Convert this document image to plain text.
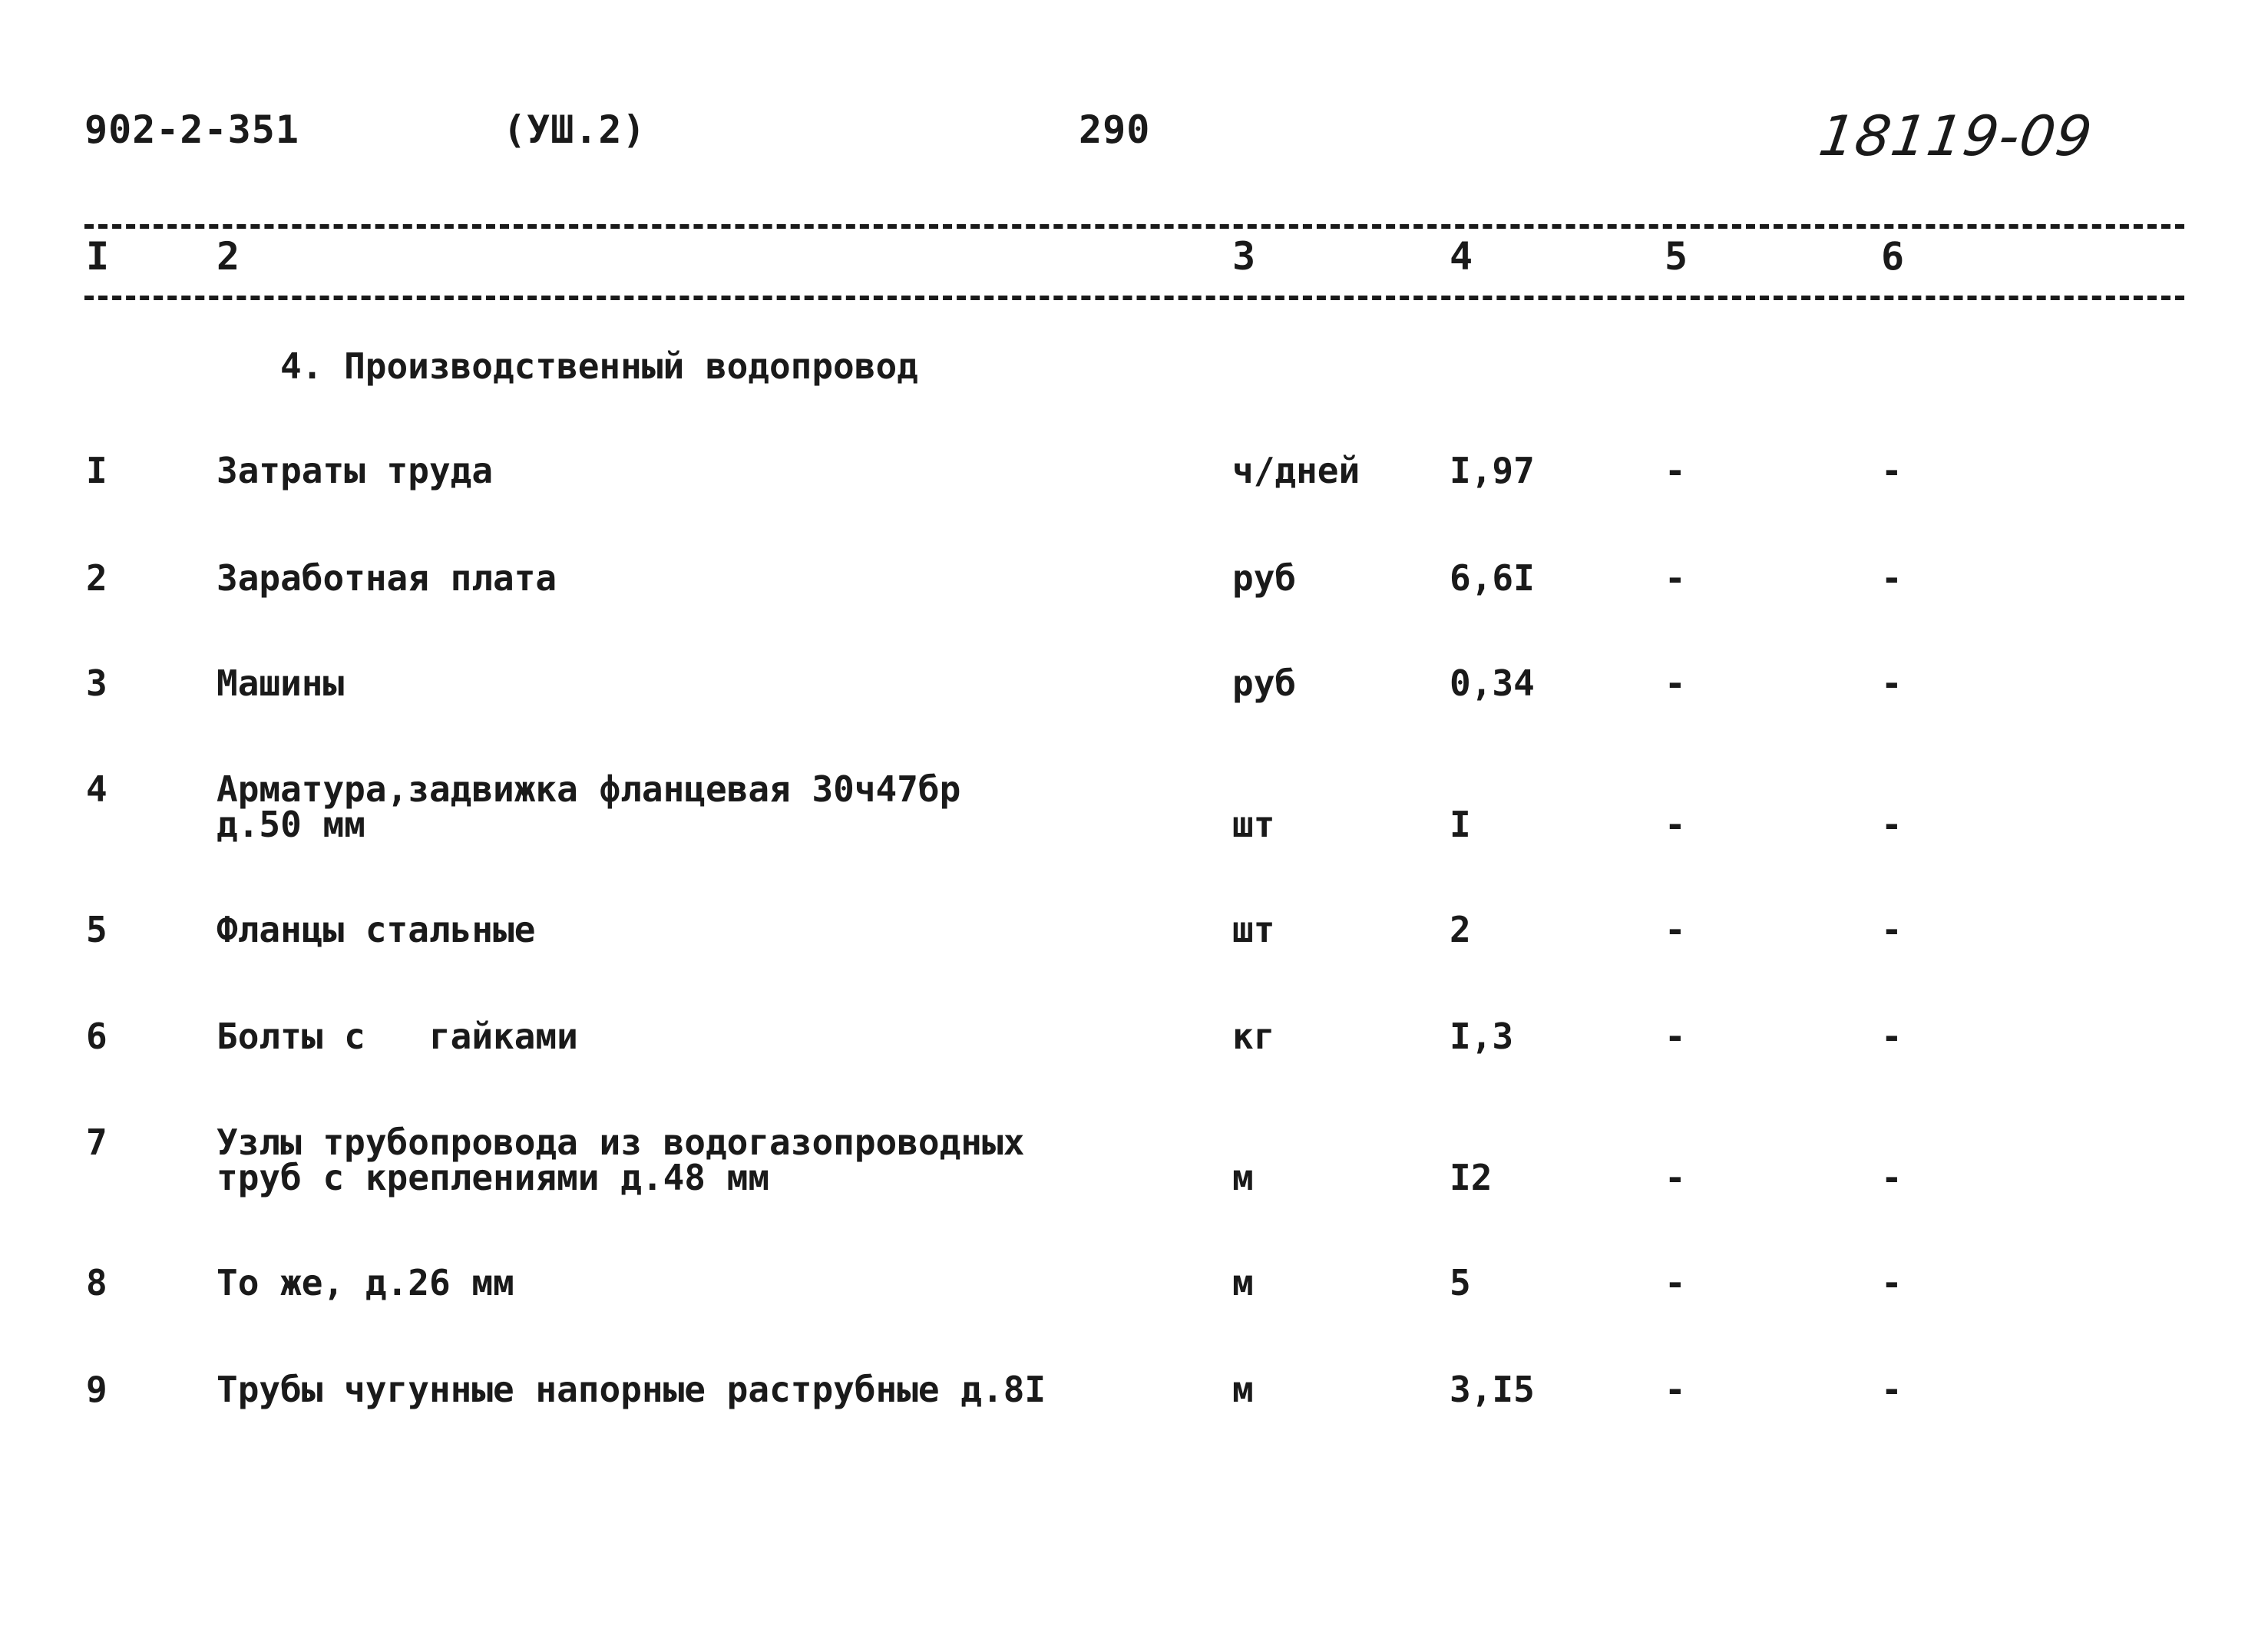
902-2-351	(УШ.2)	290	18119-09
I	2	3	4	5	6
4. Производственный водопровод
I	Затраты труда	ч/дней	I,97	-	-
2	Заработная плата	руб	6,6I	-	-
3	Машины	руб	0,34	-	-
4	Арматура,задвижка фланцевая 30ч47бр
д.50 мм	шт	I	-	-
5	Фланцы стальные	шт	2	-	-
6	Болты с   гайками	кг	I,3	-	-
7	Узлы трубопровода из водогазопроводных
труб с креплениями д.48 мм	м	I2	-	-
8	То же, д.26 мм	м	5	-	-
9	Трубы чугунные напорные раструбные д.8I	м	3,I5	-	-
